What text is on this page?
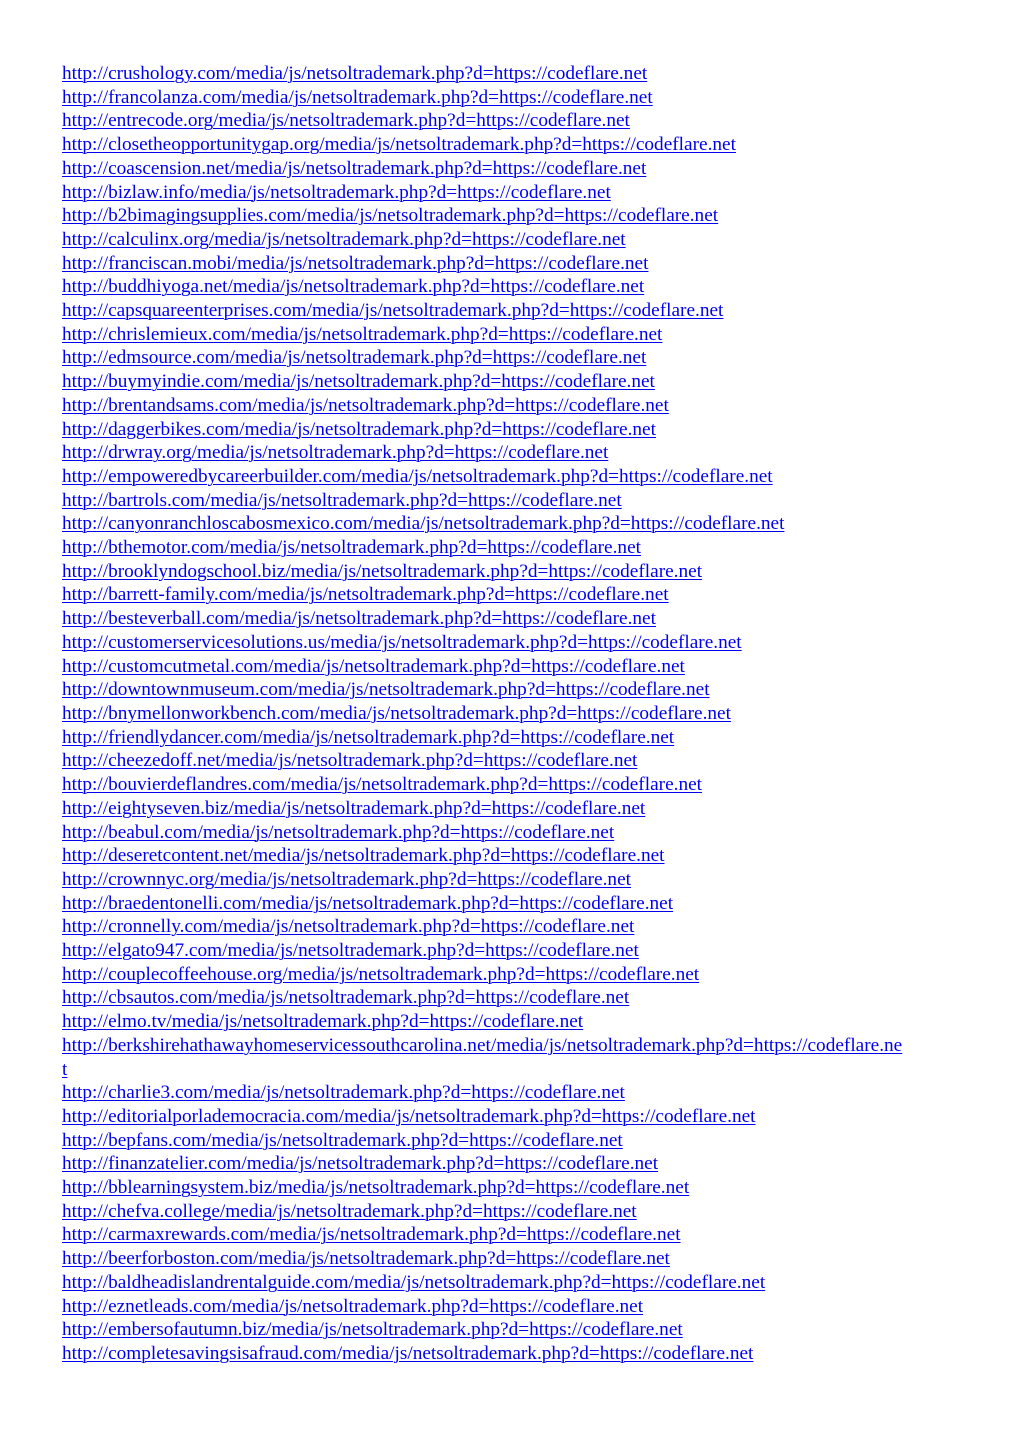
http://crushology.com/media/js/netsoltrademark.php?d=https://codeflare.net
http://francolanza.com/media/js/netsoltrademark.php?d=https://codeflare.net
http://entrecode.org/media/js/netsoltrademark.php?d=https://codeflare.net
http://closetheopportunitygap.org/media/js/netsoltrademark.php?d=https://codeflare.net
http://coascension.net/media/js/netsoltrademark.php?d=https://codeflare.net
http://bizlaw.info/media/js/netsoltrademark.php?d=https://codeflare.net
http://b2bimagingsupplies.com/media/js/netsoltrademark.php?d=https://codeflare.net
http://calculinx.org/media/js/netsoltrademark.php?d=https://codeflare.net
http://franciscan.mobi/media/js/netsoltrademark.php?d=https://codeflare.net
http://buddhiyoga.net/media/js/netsoltrademark.php?d=https://codeflare.net
http://capsquareenterprises.com/media/js/netsoltrademark.php?d=https://codeflare.net
http://chrislemieux.com/media/js/netsoltrademark.php?d=https://codeflare.net
http://edmsource.com/media/js/netsoltrademark.php?d=https://codeflare.net
http://buymyindie.com/media/js/netsoltrademark.php?d=https://codeflare.net
http://brentandsams.com/media/js/netsoltrademark.php?d=https://codeflare.net
http://daggerbikes.com/media/js/netsoltrademark.php?d=https://codeflare.net
http://drwray.org/media/js/netsoltrademark.php?d=https://codeflare.net
http://empoweredbycareerbuilder.com/media/js/netsoltrademark.php?d=https://codeflare.net
http://bartrols.com/media/js/netsoltrademark.php?d=https://codeflare.net
http://canyonranchloscabosmexico.com/media/js/netsoltrademark.php?d=https://codeflare.net
http://bthemotor.com/media/js/netsoltrademark.php?d=https://codeflare.net
http://brooklyndogschool.biz/media/js/netsoltrademark.php?d=https://codeflare.net
http://barrett-family.com/media/js/netsoltrademark.php?d=https://codeflare.net
http://besteverball.com/media/js/netsoltrademark.php?d=https://codeflare.net
http://customerservicesolutions.us/media/js/netsoltrademark.php?d=https://codeflare.net
http://customcutmetal.com/media/js/netsoltrademark.php?d=https://codeflare.net
http://downtownmuseum.com/media/js/netsoltrademark.php?d=https://codeflare.net
http://bnymellonworkbench.com/media/js/netsoltrademark.php?d=https://codeflare.net
http://friendlydancer.com/media/js/netsoltrademark.php?d=https://codeflare.net
http://cheezedoff.net/media/js/netsoltrademark.php?d=https://codeflare.net
http://bouvierdeflandres.com/media/js/netsoltrademark.php?d=https://codeflare.net
http://eightyseven.biz/media/js/netsoltrademark.php?d=https://codeflare.net
http://beabul.com/media/js/netsoltrademark.php?d=https://codeflare.net
http://deseretcontent.net/media/js/netsoltrademark.php?d=https://codeflare.net
http://crownnyc.org/media/js/netsoltrademark.php?d=https://codeflare.net
http://braedentonelli.com/media/js/netsoltrademark.php?d=https://codeflare.net
http://cronnelly.com/media/js/netsoltrademark.php?d=https://codeflare.net
http://elgato947.com/media/js/netsoltrademark.php?d=https://codeflare.net
http://couplecoffeehouse.org/media/js/netsoltrademark.php?d=https://codeflare.net
http://cbsautos.com/media/js/netsoltrademark.php?d=https://codeflare.net
http://elmo.tv/media/js/netsoltrademark.php?d=https://codeflare.net
http://berkshirehathawayhomeservicessouthcarolina.net/media/js/netsoltrademark.php?d=https://codeflare.ne
t
http://charlie3.com/media/js/netsoltrademark.php?d=https://codeflare.net
http://editorialporlademocracia.com/media/js/netsoltrademark.php?d=https://codeflare.net
http://bepfans.com/media/js/netsoltrademark.php?d=https://codeflare.net
http://finanzatelier.com/media/js/netsoltrademark.php?d=https://codeflare.net
http://bblearningsystem.biz/media/js/netsoltrademark.php?d=https://codeflare.net
http://chefva.college/media/js/netsoltrademark.php?d=https://codeflare.net
http://carmaxrewards.com/media/js/netsoltrademark.php?d=https://codeflare.net
http://beerforboston.com/media/js/netsoltrademark.php?d=https://codeflare.net
http://baldheadislandrentalguide.com/media/js/netsoltrademark.php?d=https://codeflare.net
http://eznetleads.com/media/js/netsoltrademark.php?d=https://codeflare.net
http://embersofautumn.biz/media/js/netsoltrademark.php?d=https://codeflare.net
http://completesavingsisafraud.com/media/js/netsoltrademark.php?d=https://codeflare.net
